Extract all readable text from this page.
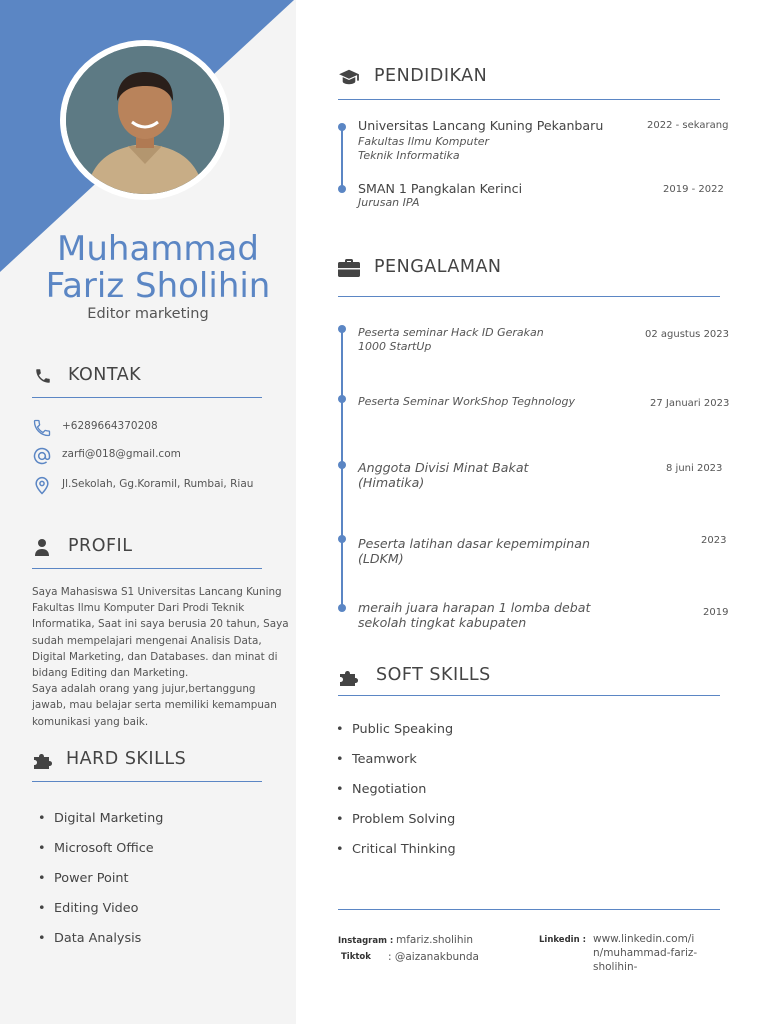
Muhammad
Fariz Sholihin
Editor marketing
KONTAK
+6289664370208
zarfi@018@gmail.com
Jl.Sekolah, Gg.Koramil, Rumbai, Riau
PROFIL
Saya Mahasiswa S1 Universitas Lancang Kuning Fakultas Ilmu Komputer Dari Prodi Teknik Informatika, Saat ini saya berusia 20 tahun, Saya sudah mempelajari mengenai Analisis Data, Digital Marketing, dan Databases. dan minat di bidang Editing dan Marketing.
Saya adalah orang yang jujur,bertanggung jawab, mau belajar serta memiliki kemampuan komunikasi yang baik.
HARD SKILLS
• Digital Marketing
• Microsoft Office
• Power Point
• Editing Video
• Data Analysis
PENDIDIKAN
Universitas Lancang Kuning Pekanbaru
Fakultas Ilmu Komputer
Teknik Informatika
2022 - sekarang
SMAN 1 Pangkalan Kerinci
Jurusan IPA
2019 - 2022
PENGALAMAN
Peserta seminar Hack ID Gerakan
1000 StartUp
02 agustus 2023
Peserta Seminar WorkShop Teghnology	27 Januari 2023
Anggota Divisi Minat Bakat
(Himatika)
8 juni 2023
Peserta latihan dasar kepemimpinan
(LDKM)
2023
meraih juara harapan 1 lomba debat
sekolah tingkat kabupaten
2019
SOFT SKILLS
• Public Speaking
• Teamwork
• Negotiation
• Problem Solving
• Critical Thinking
Instagram : mfariz.sholihin
Tiktok : @aizanakbunda
Linkedin : www.linkedin.com/i
n/muhammad-fariz-
sholihin-
